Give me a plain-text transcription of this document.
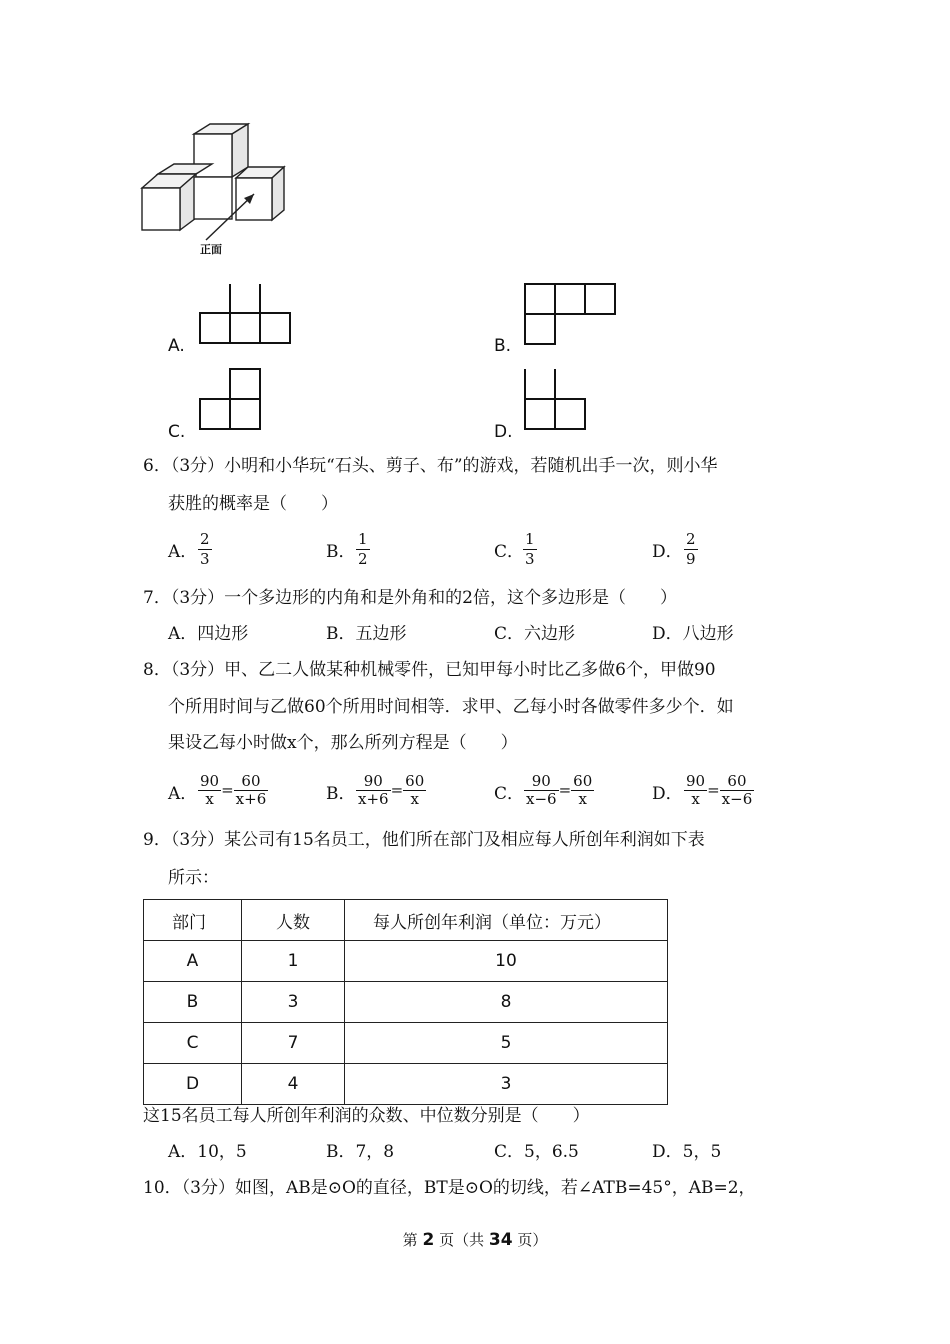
正面
A.	B.
C.	D.
6．（3分）小明和小华玩“石头、剪子、布”的游戏，若随机出手一次，则小华
获胜的概率是（　　）
A．
2
3	B．
1
2	C．
1
3	D．
2
9
7．（3分）一个多边形的内角和是外角和的2倍，这个多边形是（　　）
A．四边形	B．五边形	C．六边形	D．八边形
8．（3分）甲、乙二人做某种机械零件，已知甲每小时比乙多做6个，甲做90
个所用时间与乙做60个所用时间相等．求甲、乙每小时各做零件多少个．如
果设乙每小时做x个，那么所列方程是（　　）
A． $\frac{90}{x} = \frac{60}{x+6}$	B． $\frac{90}{x+6} = \frac{60}{x}$	C． $\frac{90}{x-6} = \frac{60}{x}$	D． $\frac{90}{x} = \frac{60}{x-6}$
9．（3分）某公司有15名员工，他们所在部门及相应每人所创年利润如下表
所示：
部门	人数	每人所创年利润（单位：万元）
A	1	10
B	3	8
C	7	5
D	4	3
这15名员工每人所创年利润的众数、中位数分别是（　　）
A．10，5	B．7，8	C．5，6.5	D．5，5
10．（3分）如图，AB是⊙O的直径，BT是⊙O的切线，若∠ATB=45°，AB=2，
第 2 页（共 34 页）
